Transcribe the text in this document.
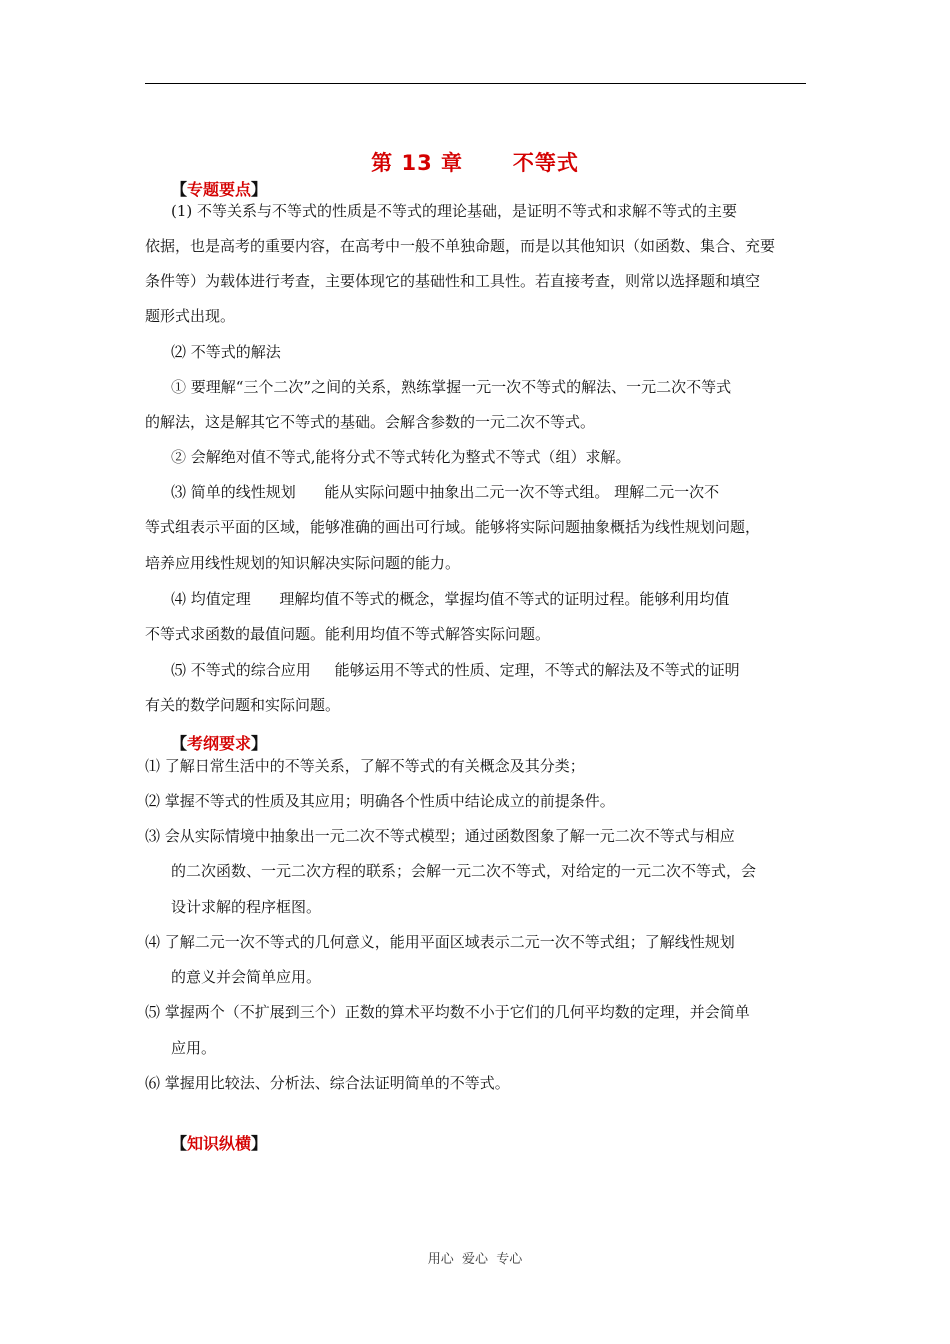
第 13 章      不等式
【专题要点】
(1) 不等关系与不等式的性质是不等式的理论基础，是证明不等式和求解不等式的主要
依据，也是高考的重要内容，在高考中一般不单独命题，而是以其他知识（如函数、集合、充要
条件等）为载体进行考查，主要体现它的基础性和工具性。若直接考查，则常以选择题和填空
题形式出现。
⑵ 不等式的解法
① 要理解“三个二次”之间的关系，熟练掌握一元一次不等式的解法、一元二次不等式
的解法，这是解其它不等式的基础。会解含参数的一元二次不等式。
② 会解绝对值不等式,能将分式不等式转化为整式不等式（组）求解。
⑶ 简单的线性规划      能从实际问题中抽象出二元一次不等式组。 理解二元一次不
等式组表示平面的区域，能够准确的画出可行域。能够将实际问题抽象概括为线性规划问题，
培养应用线性规划的知识解决实际问题的能力。
⑷ 均值定理      理解均值不等式的概念，掌握均值不等式的证明过程。能够利用均值
不等式求函数的最值问题。能利用均值不等式解答实际问题。
⑸ 不等式的综合应用     能够运用不等式的性质、定理，不等式的解法及不等式的证明
有关的数学问题和实际问题。
【考纲要求】
⑴ 了解日常生活中的不等关系，了解不等式的有关概念及其分类；
⑵ 掌握不等式的性质及其应用；明确各个性质中结论成立的前提条件。
⑶ 会从实际情境中抽象出一元二次不等式模型；通过函数图象了解一元二次不等式与相应
的二次函数、一元二次方程的联系；会解一元二次不等式，对给定的一元二次不等式，会
设计求解的程序框图。
⑷ 了解二元一次不等式的几何意义，能用平面区域表示二元一次不等式组；了解线性规划
的意义并会简单应用。
⑸ 掌握两个（不扩展到三个）正数的算术平均数不小于它们的几何平均数的定理，并会简单
应用。
⑹ 掌握用比较法、分析法、综合法证明简单的不等式。
【知识纵横】
用心  爱心  专心
